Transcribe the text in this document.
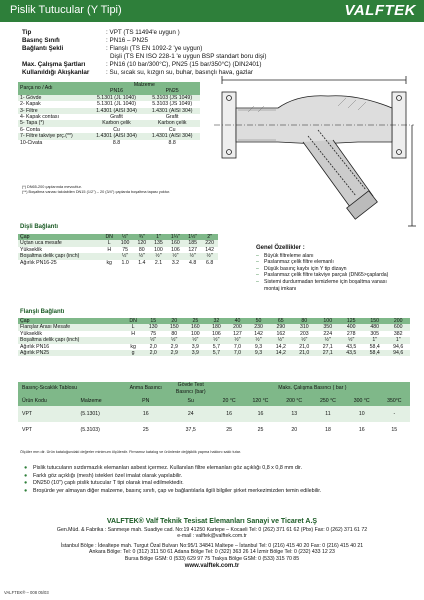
Pislik Tutucular (Y Tipi)	VALFTEK
Tip	: VPT (TS 11494'e uygun )
Basınç Sınıfı	: PN16 – PN25
Bağlantı Şekli	: Flanşlı (TS EN 1092-2 'ye uygun)
Dişli (TS EN ISO 228-1 'e uygun BSP standart boru dişi)
Max. Çalışma Şartları	: PN16 (10 bar/300°C), PN25 (15 bar/350°C) (DIN2401)
Kullanıldığı Akışkanlar	: Su, sıcak su, kızgın su, buhar, basınçlı hava, gazlar
Parça no / Adı	Malzeme	
	PN16	PN25
1- Gövde	5.1301 (JL 1040)	5.3103 (JS 1049)
2- Kapak	5.1301 (JL 1040)	5.3103 (JS 1049)
3- Filtre	1.4301 (AISI 304)	1.4301 (AISI 304)
4- Kapak contası	Grafit	Grafit
5- Tapa (*)	Karbon çelik	Karbon çelik
6- Conta	Cu	Cu
7- Filtre takviye prç.(**)	1.4301 (AISI 304)	1.4301 (AISI 304)
10-Civata	8.8	8.8
(*) DN65-200 çaplarında mevcuttur.
(**) Boşaltma vanası takılabilen DN15 (1/2") – 20 (3/4") çaplarda boşaltma tapası yoktur.
Dişli Bağlantı
Çap	DN	½"	¾"	1"	1¼"	1½"	2"
Uçtan uca mesafe	L	100	120	135	160	185	220
Yükseklik	H	75	80	100	106	127	142
Boşaltma delik çapı (inch)		½"	½"	½"	½"	½"	½"
Ağırlık PN16-25	kg	1.0	1.4	2.1	3.2	4.8	6.8
Genel Özellikler :
– Büyük filtreleme alanı
– Paslanmaz çelik filtre elemanlı
– Düşük basınç kaybı için Y tip dizayn
– Paslanmaz çelik filtre takviye parçalı (DN65>çaplarda)
– Sistemi durdurmadan temizleme için boşaltma vanası
montaj imkanı
Flanşlı Bağlantı
Çap	DN	15	20	25	32	40	50	65	80	100	125	150	200
Flanşlar Arası Mesafe	L	130	150	160	180	200	230	290	310	350	400	480	600
Yükseklik	H	75	80	100	106	127	142	162	203	224	278	305	382
Boşaltma delik çapı (inch)		½"	½"	½"	½"	½"	½"	½"	½"	½"	½"	1"	1"
Ağırlık PN16	kg	2,0	2,9	3,9	5,7	7,0	9,3	14,2	21,0	27,1	43,5	58,4	94,6
Ağırlık PN25	g	2,0	2,9	3,9	5,7	7,0	9,3	14,2	21,0	27,1	43,5	58,4	94,6
Basınç-Sıcaklık Tablosu		Anma Basıncı	Gövde Test Basıncı (bar)	Maks. Çalışma Basıncı ( bar )					
Ürün Kodu	Malzeme	PN	Su	20 °C	120 °C	200 °C	250 °C	300 °C	350°C
VPT	(5.1301)	16	24	16	16	13	11	10	-
VPT	(5.3103)	25	37,5	25	25	20	18	16	15
Ölçüler mm dir. Ürün kataloğundaki değerler minimum ölçülerdir. Firmamız katalog ve ürünlerde değişiklik yapma hakkını saklı tutar.
●	Pislik tutucuların sızdırmazlık elemanları asbest içermez. Kullanılan filtre elemanları göz açıklığı 0,8 x 0,8 mm dir.
●	Farklı göz açıklığı (mesh) istekleri özel imalat olarak yapılabilir.
●	DN250 (10") çaplı pislik tutucular T tipi olarak imal edilmektedir.
●	Broşürde yer almayan diğer malzeme, basınç sınıfı, çap ve bağlantılarla ilgili bilgiler şirket merkezimizden temin edilebilir.
VALFTEK® Valf Teknik Tesisat Elemanları Sanayi ve Ticaret A.Ş
Gen.Müd. & Fabrika : Sanmeşe mah. Suadiye cad. No:19 41250 Kartepe – Kocaeli Tel: 0 (262) 371 61 62 (Pbx) Fax: 0 (262) 371 61 72
e-mail : valftek@valftek.com.tr
İstanbul Bölge : İdealtepe mah. Turgut Özal Bulvarı No:95/1 34841 Maltepe – İstanbul Tel: 0 (216) 415 40 20 Fax: 0 (216) 415 40 21
Ankara Bölge: Tel: 0 (312) 311 50 61 Adana Bölge Tel: 0 (322) 363 26 14 İzmir Bölge Tel: 0 (232) 433 12 23
Bursa Bölge GSM: 0 (533) 629 97 75 Trakya Bölge GSM: 0 (533) 315 70 85
www.valftek.com.tr
VALFTEK® – 008 05/03
